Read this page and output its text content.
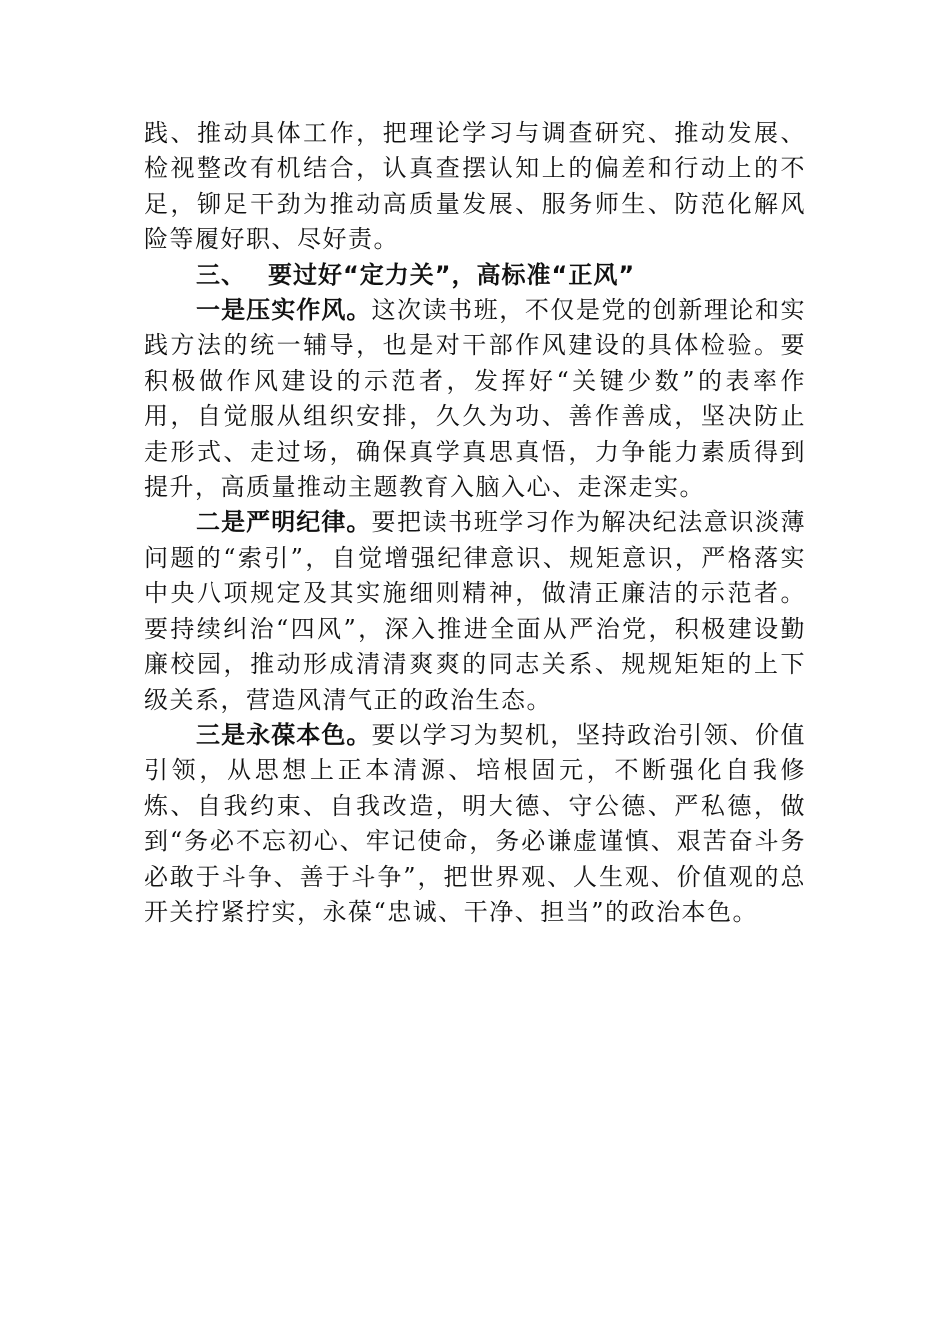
践、推动具体工作，把理论学习与调查研究、推动发展、检视整改有机结合，认真查摆认知上的偏差和行动上的不足，铆足干劲为推动高质量发展、服务师生、防范化解风险等履好职、尽好责。

三、 要过好“定力关”，高标准“正风”

一是压实作风。这次读书班，不仅是党的创新理论和实践方法的统一辅导，也是对干部作风建设的具体检验。要积极做作风建设的示范者，发挥好“关键少数”的表率作用，自觉服从组织安排，久久为功、善作善成，坚决防止走形式、走过场，确保真学真思真悟，力争能力素质得到提升，高质量推动主题教育入脑入心、走深走实。

二是严明纪律。要把读书班学习作为解决纪法意识淡薄问题的“索引”，自觉增强纪律意识、规矩意识，严格落实中央八项规定及其实施细则精神，做清正廉洁的示范者。要持续纠治“四风”，深入推进全面从严治党，积极建设勤廉校园，推动形成清清爽爽的同志关系、规规矩矩的上下级关系，营造风清气正的政治生态。

三是永葆本色。要以学习为契机，坚持政治引领、价值引领，从思想上正本清源、培根固元，不断强化自我修炼、自我约束、自我改造，明大德、守公德、严私德，做到“务必不忘初心、牢记使命，务必谦虚谨慎、艰苦奋斗务必敢于斗争、善于斗争”，把世界观、人生观、价值观的总开关拧紧拧实，永葆“忠诚、干净、担当”的政治本色。
